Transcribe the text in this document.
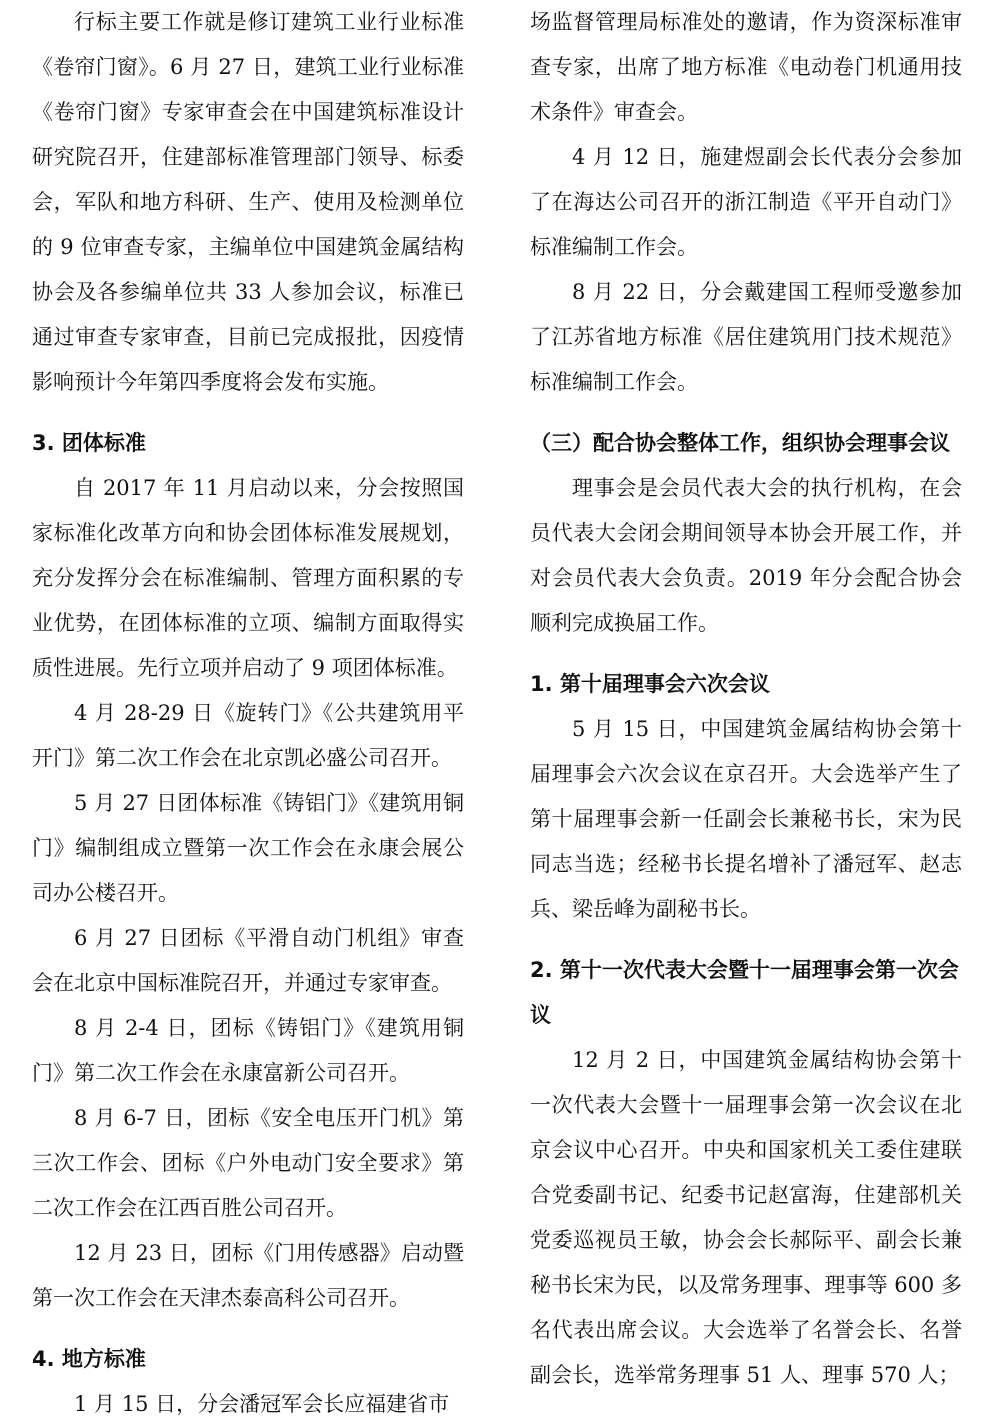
行标主要工作就是修订建筑工业行业标准《卷帘门窗》。6 月 27 日，建筑工业行业标准《卷帘门窗》专家审查会在中国建筑标准设计研究院召开，住建部标准管理部门领导、标委会，军队和地方科研、生产、使用及检测单位的 9 位审查专家，主编单位中国建筑金属结构协会及各参编单位共 33 人参加会议，标准已通过审查专家审查，目前已完成报批，因疫情影响预计今年第四季度将会发布实施。

3. 团体标准

自 2017 年 11 月启动以来，分会按照国家标准化改革方向和协会团体标准发展规划，充分发挥分会在标准编制、管理方面积累的专业优势，在团体标准的立项、编制方面取得实质性进展。先行立项并启动了 9 项团体标准。

4 月 28-29 日《旋转门》《公共建筑用平开门》第二次工作会在北京凯必盛公司召开。

5 月 27 日团体标准《铸铝门》《建筑用铜门》编制组成立暨第一次工作会在永康会展公司办公楼召开。

6 月 27 日团标《平滑自动门机组》审查会在北京中国标准院召开，并通过专家审查。

8 月 2-4 日，团标《铸铝门》《建筑用铜门》第二次工作会在永康富新公司召开。

8 月 6-7 日，团标《安全电压开门机》第三次工作会、团标《户外电动门安全要求》第二次工作会在江西百胜公司召开。

12 月 23 日，团标《门用传感器》启动暨第一次工作会在天津杰泰高科公司召开。

4. 地方标准

1 月 15 日，分会潘冠军会长应福建省市

场监督管理局标准处的邀请，作为资深标准审查专家，出席了地方标准《电动卷门机通用技术条件》审查会。

4 月 12 日，施建煜副会长代表分会参加了在海达公司召开的浙江制造《平开自动门》标准编制工作会。

8 月 22 日，分会戴建国工程师受邀参加了江苏省地方标准《居住建筑用门技术规范》标准编制工作会。

（三）配合协会整体工作，组织协会理事会议

理事会是会员代表大会的执行机构，在会员代表大会闭会期间领导本协会开展工作，并对会员代表大会负责。2019 年分会配合协会顺利完成换届工作。

1. 第十届理事会六次会议

5 月 15 日，中国建筑金属结构协会第十届理事会六次会议在京召开。大会选举产生了第十届理事会新一任副会长兼秘书长，宋为民同志当选；经秘书长提名增补了潘冠军、赵志兵、梁岳峰为副秘书长。

2. 第十一次代表大会暨十一届理事会第一次会议

12 月 2 日，中国建筑金属结构协会第十一次代表大会暨十一届理事会第一次会议在北京会议中心召开。中央和国家机关工委住建联合党委副书记、纪委书记赵富海，住建部机关党委巡视员王敏，协会会长郝际平、副会长兼秘书长宋为民，以及常务理事、理事等 600 多名代表出席会议。大会选举了名誉会长、名誉副会长，选举常务理事 51 人、理事 570 人；
